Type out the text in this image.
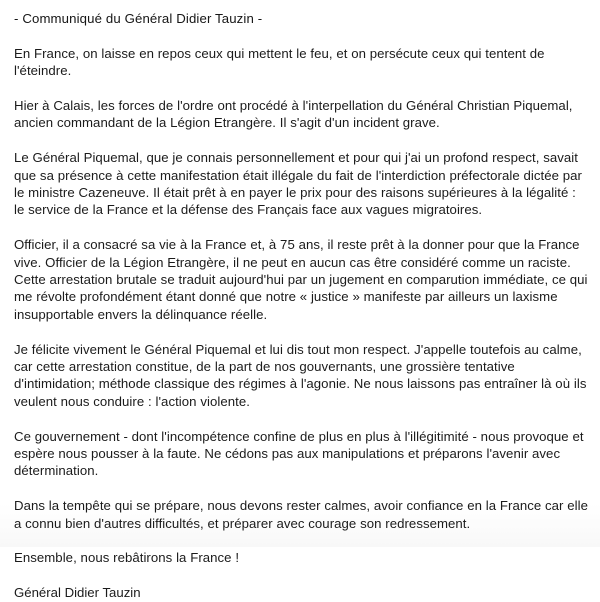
- Communiqué du Général Didier Tauzin -

En France, on laisse en repos ceux qui mettent le feu, et on persécute ceux qui tentent de l'éteindre.

Hier à Calais, les forces de l'ordre ont procédé à l'interpellation du Général Christian Piquemal, ancien commandant de la Légion Etrangère. Il s'agit d'un incident grave.

Le Général Piquemal, que je connais personnellement et pour qui j'ai un profond respect, savait que sa présence à cette manifestation était illégale du fait de l'interdiction préfectorale dictée par le ministre Cazeneuve. Il était prêt à en payer le prix pour des raisons supérieures à la légalité : le service de la France et la défense des Français face aux vagues migratoires.

Officier, il a consacré sa vie à la France et, à 75 ans, il reste prêt à la donner pour que la France vive. Officier de la Légion Etrangère, il ne peut en aucun cas être considéré comme un raciste. Cette arrestation brutale se traduit aujourd'hui par un jugement en comparution immédiate, ce qui me révolte profondément étant donné que notre « justice » manifeste par ailleurs un laxisme insupportable envers la délinquance réelle.

Je félicite vivement le Général Piquemal et lui dis tout mon respect. J'appelle toutefois au calme, car cette arrestation constitue, de la part de nos gouvernants, une grossière tentative d'intimidation; méthode classique des régimes à l'agonie. Ne nous laissons pas entraîner là où ils veulent nous conduire : l'action violente.

Ce gouvernement - dont l'incompétence confine de plus en plus à l'illégitimité - nous provoque et espère nous pousser à la faute. Ne cédons pas aux manipulations et préparons l'avenir avec détermination.

Dans la tempête qui se prépare, nous devons rester calmes, avoir confiance en la France car elle a connu bien d'autres difficultés, et préparer avec courage son redressement.

Ensemble, nous rebâtirons la France !

Général Didier Tauzin
